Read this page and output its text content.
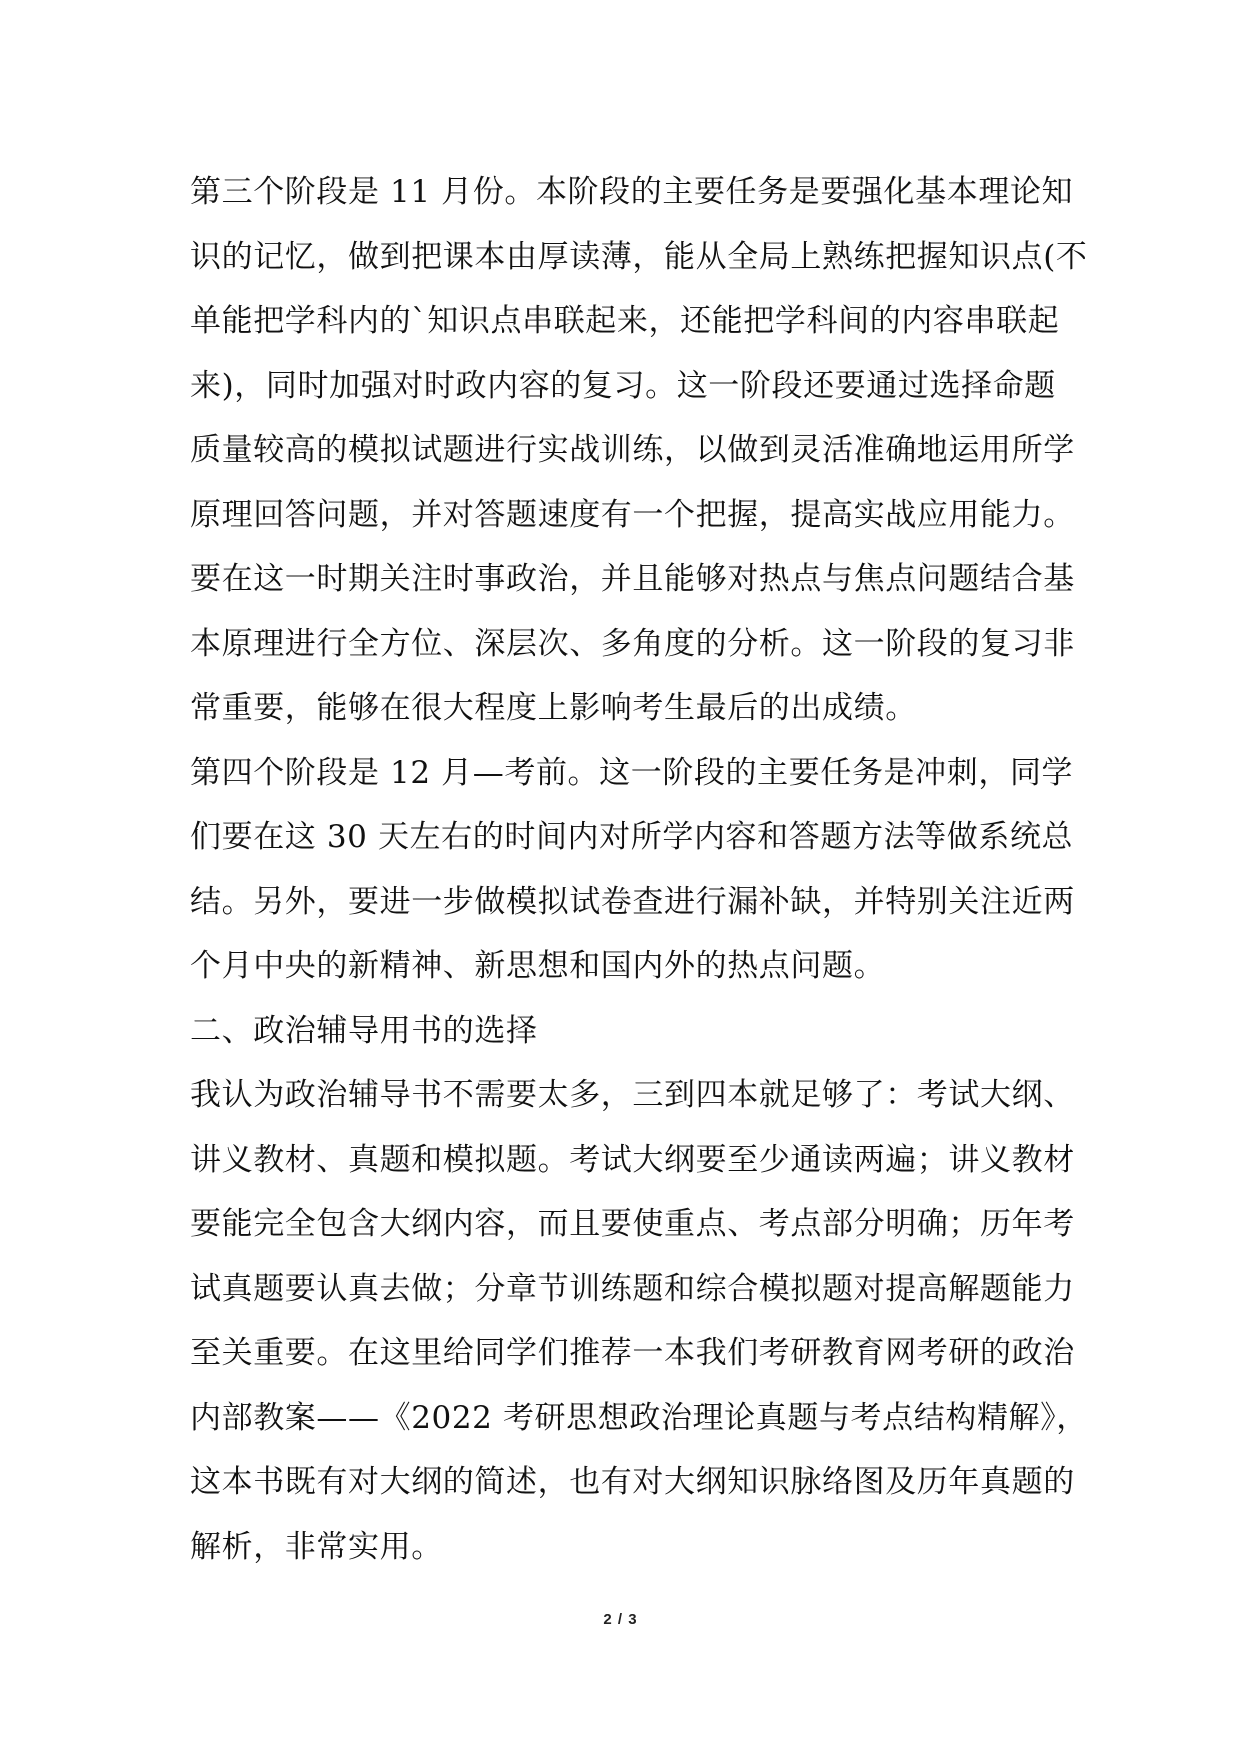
第三个阶段是 11 月份。本阶段的主要任务是要强化基本理论知
识的记忆，做到把课本由厚读薄，能从全局上熟练把握知识点(不
单能把学科内的`知识点串联起来，还能把学科间的内容串联起
来)，同时加强对时政内容的复习。这一阶段还要通过选择命题
质量较高的模拟试题进行实战训练，以做到灵活准确地运用所学
原理回答问题，并对答题速度有一个把握，提高实战应用能力。
要在这一时期关注时事政治，并且能够对热点与焦点问题结合基
本原理进行全方位、深层次、多角度的分析。这一阶段的复习非
常重要，能够在很大程度上影响考生最后的出成绩。
第四个阶段是 12 月—考前。这一阶段的主要任务是冲刺，同学
们要在这 30 天左右的时间内对所学内容和答题方法等做系统总
结。另外，要进一步做模拟试卷查进行漏补缺，并特别关注近两
个月中央的新精神、新思想和国内外的热点问题。
二、政治辅导用书的选择
我认为政治辅导书不需要太多，三到四本就足够了：考试大纲、
讲义教材、真题和模拟题。考试大纲要至少通读两遍；讲义教材
要能完全包含大纲内容，而且要使重点、考点部分明确；历年考
试真题要认真去做；分章节训练题和综合模拟题对提高解题能力
至关重要。在这里给同学们推荐一本我们考研教育网考研的政治
内部教案——《2022 考研思想政治理论真题与考点结构精解》，
这本书既有对大纲的简述，也有对大纲知识脉络图及历年真题的
解析，非常实用。
2 / 3
